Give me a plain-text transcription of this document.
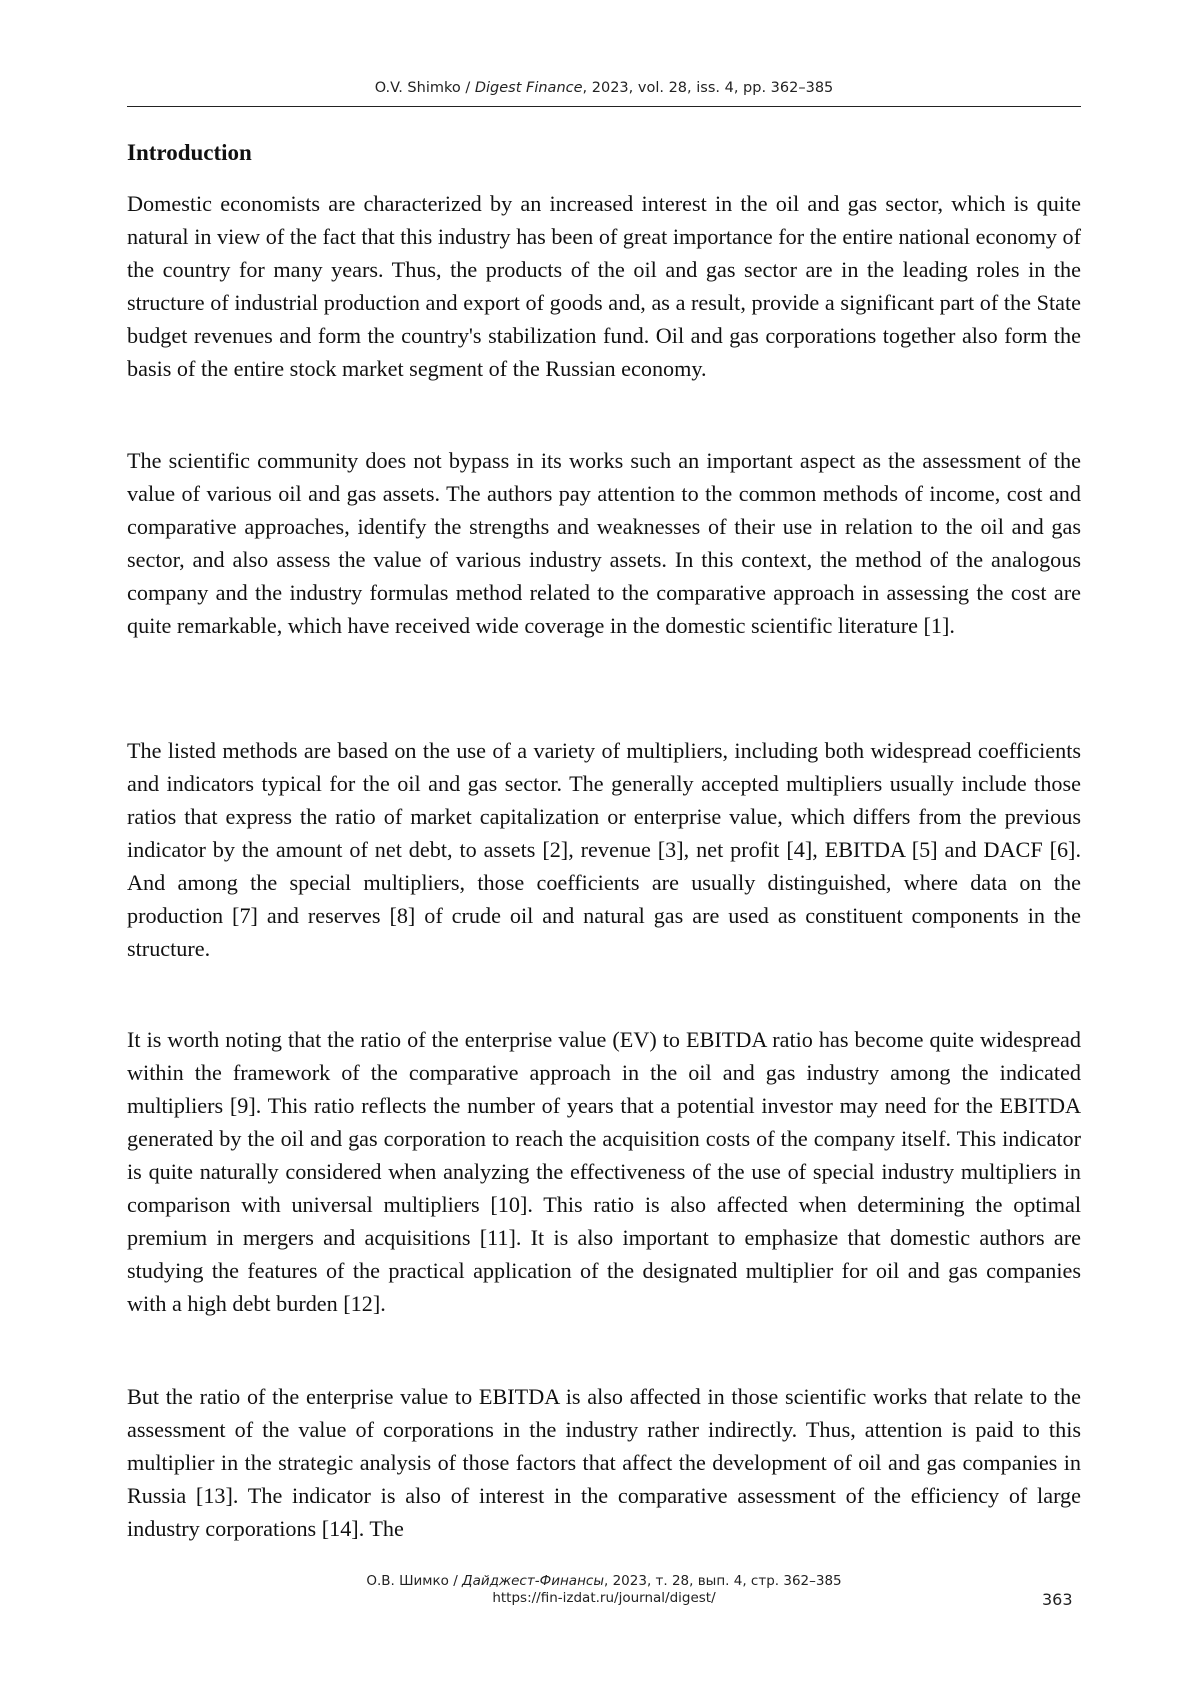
O.V. Shimko / Digest Finance, 2023, vol. 28, iss. 4, pp. 362–385
Introduction

Domestic economists are characterized by an increased interest in the oil and gas sector, which is quite natural in view of the fact that this industry has been of great importance for the entire national economy of the country for many years. Thus, the products of the oil and gas sector are in the leading roles in the structure of industrial production and export of goods and, as a result, provide a significant part of the State budget revenues and form the country's stabilization fund. Oil and gas corporations together also form the basis of the entire stock market segment of the Russian economy.

The scientific community does not bypass in its works such an important aspect as the assessment of the value of various oil and gas assets. The authors pay attention to the common methods of income, cost and comparative approaches, identify the strengths and weaknesses of their use in relation to the oil and gas sector, and also assess the value of various industry assets. In this context, the method of the analogous company and the industry formulas method related to the comparative approach in assessing the cost are quite remarkable, which have received wide coverage in the domestic scientific literature [1].

The listed methods are based on the use of a variety of multipliers, including both widespread coefficients and indicators typical for the oil and gas sector. The generally accepted multipliers usually include those ratios that express the ratio of market capitalization or enterprise value, which differs from the previous indicator by the amount of net debt, to assets [2], revenue [3], net profit [4], EBITDA [5] and DACF [6]. And among the special multipliers, those coefficients are usually distinguished, where data on the production [7] and reserves [8] of crude oil and natural gas are used as constituent components in the structure.

It is worth noting that the ratio of the enterprise value (EV) to EBITDA ratio has become quite widespread within the framework of the comparative approach in the oil and gas industry among the indicated multipliers [9]. This ratio reflects the number of years that a potential investor may need for the EBITDA generated by the oil and gas corporation to reach the acquisition costs of the company itself. This indicator is quite naturally considered when analyzing the effectiveness of the use of special industry multipliers in comparison with universal multipliers [10]. This ratio is also affected when determining the optimal premium in mergers and acquisitions [11]. It is also important to emphasize that domestic authors are studying the features of the practical application of the designated multiplier for oil and gas companies with a high debt burden [12].

But the ratio of the enterprise value to EBITDA is also affected in those scientific works that relate to the assessment of the value of corporations in the industry rather indirectly. Thus, attention is paid to this multiplier in the strategic analysis of those factors that affect the development of oil and gas companies in Russia [13]. The indicator is also of interest in the comparative assessment of the efficiency of large industry corporations [14]. The

О.В. Шимко / Дайджест-Финансы, 2023, т. 28, вып. 4, стр. 362–385
https://fin-izdat.ru/journal/digest/	363
